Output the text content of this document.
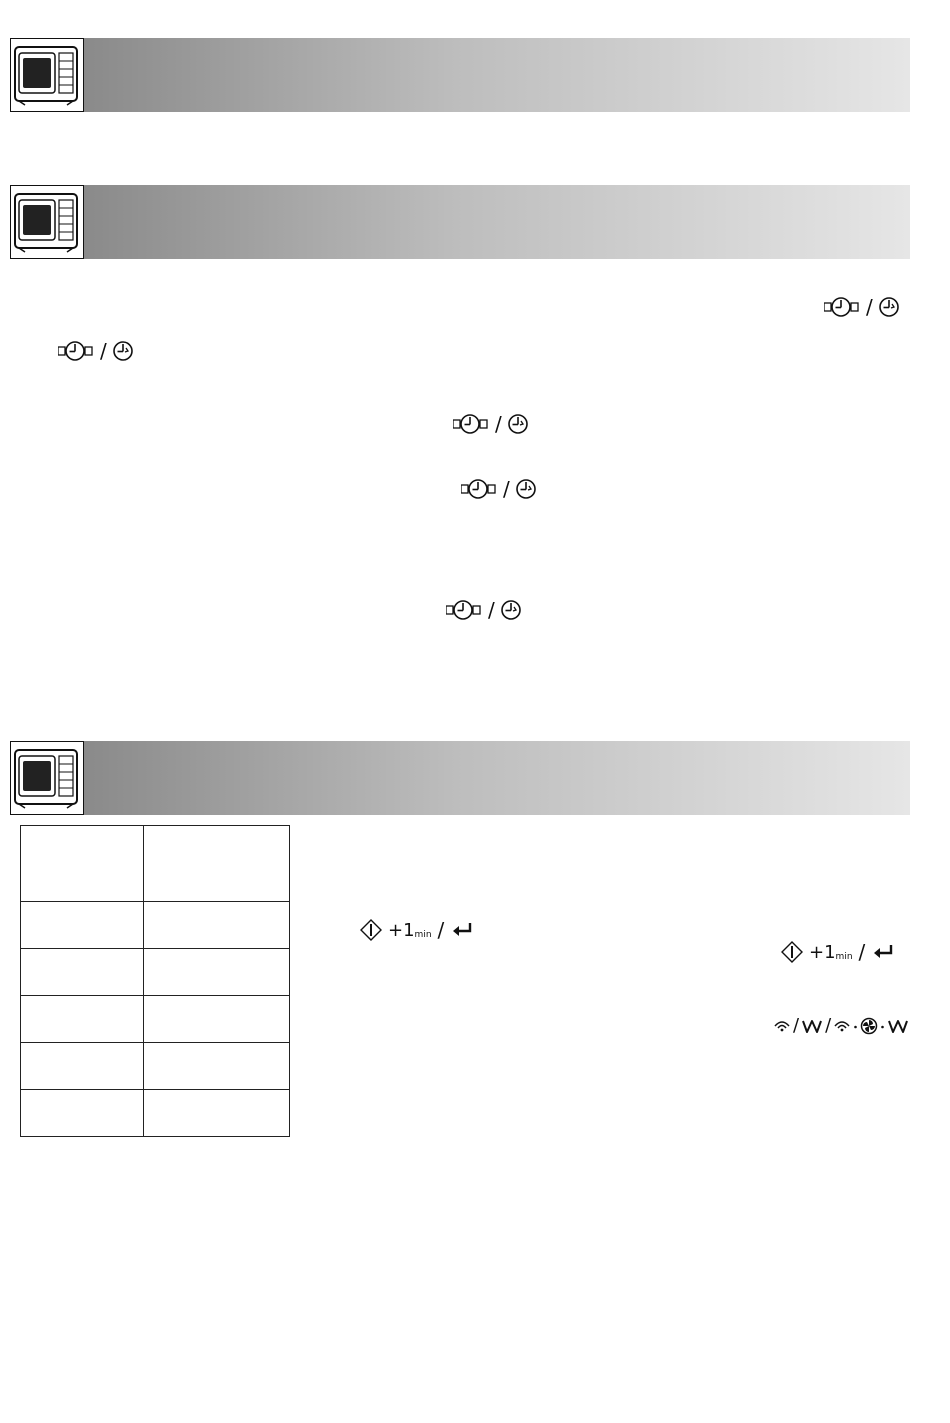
/
/
/
/
/

$+1_{min}$ /
$+1_{min}$ /
/ /
